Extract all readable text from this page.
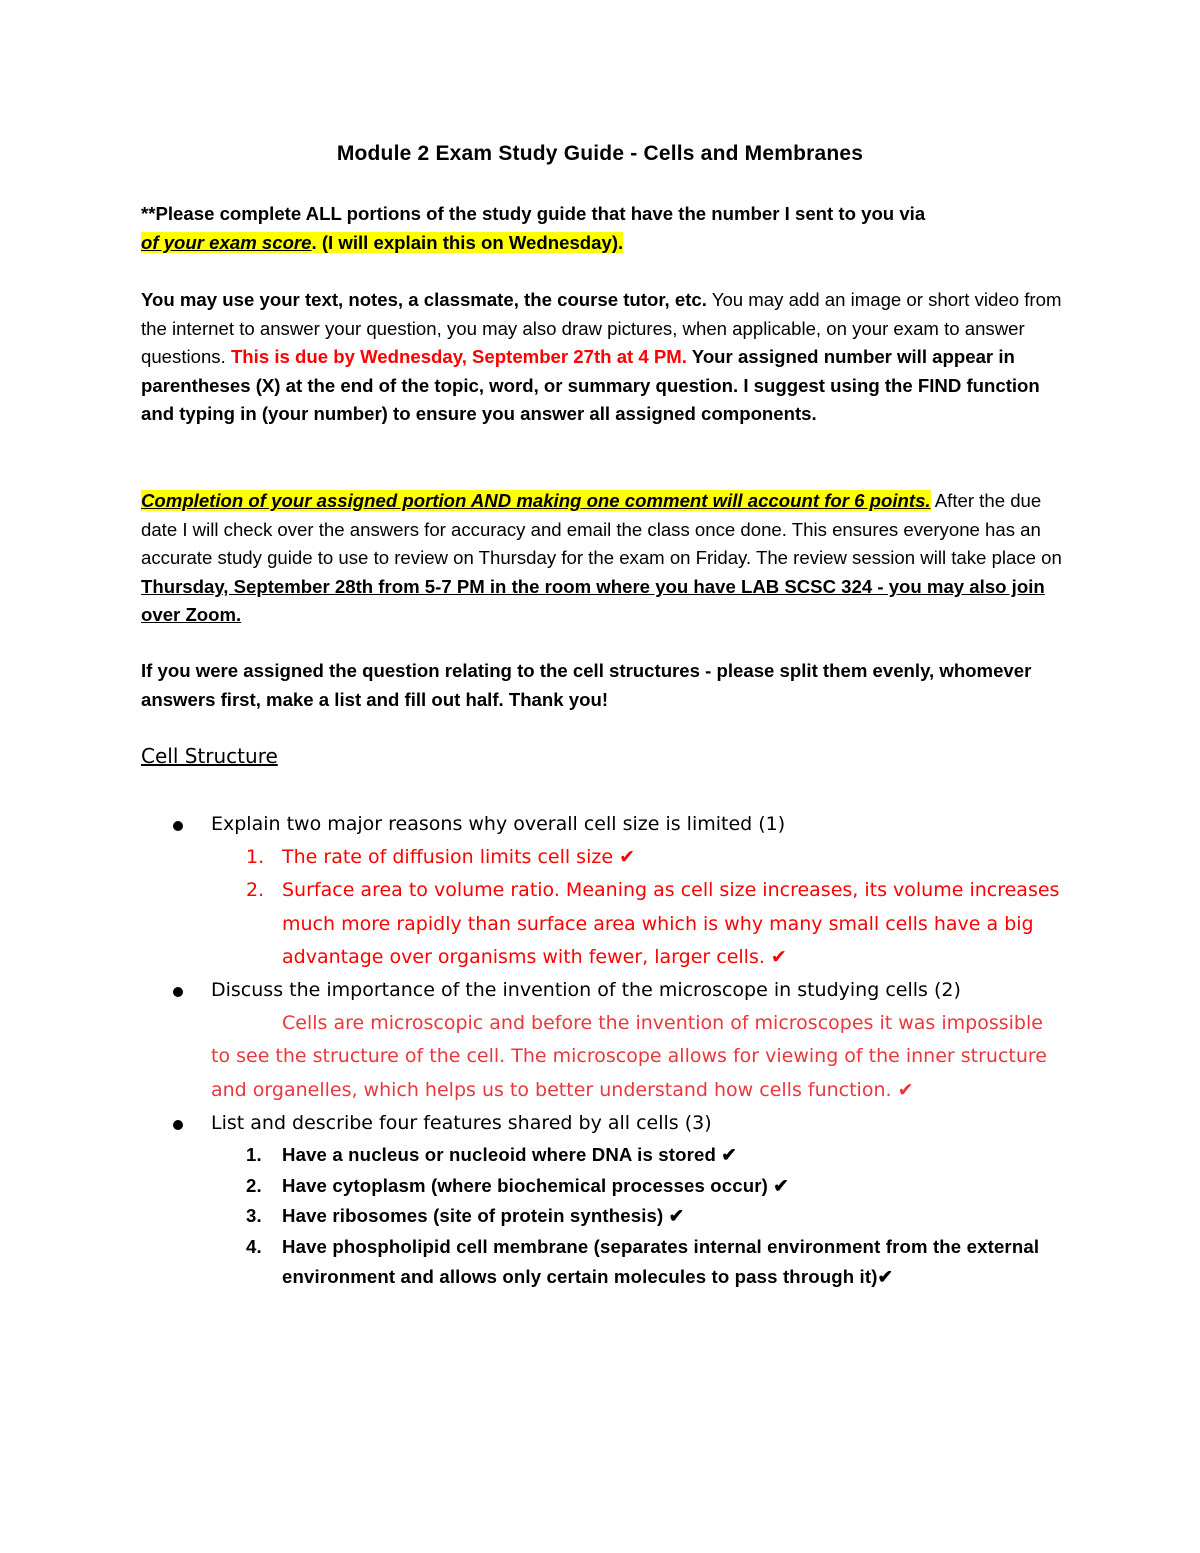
Module 2 Exam Study Guide - Cells and Membranes
**Please complete ALL portions of the study guide that have the number I sent to you via
of your exam score. (I will explain this on Wednesday).
You may use your text, notes, a classmate, the course tutor, etc. You may add an image or short video from the internet to answer your question, you may also draw pictures, when applicable, on your exam to answer questions. This is due by Wednesday, September 27th at 4 PM. Your assigned number will appear in parentheses (X) at the end of the topic, word, or summary question. I suggest using the FIND function and typing in (your number) to ensure you answer all assigned components.
Completion of your assigned portion AND making one comment will account for 6 points. After the due date I will check over the answers for accuracy and email the class once done. This ensures everyone has an accurate study guide to use to review on Thursday for the exam on Friday. The review session will take place on Thursday, September 28th from 5-7 PM in the room where you have LAB SCSC 324 - you may also join over Zoom.
If you were assigned the question relating to the cell structures - please split them evenly, whomever answers first, make a list and fill out half. Thank you!
Cell Structure
Explain two major reasons why overall cell size is limited (1)
1. The rate of diffusion limits cell size ✔
2. Surface area to volume ratio. Meaning as cell size increases, its volume increases much more rapidly than surface area which is why many small cells have a big advantage over organisms with fewer, larger cells. ✔
Discuss the importance of the invention of the microscope in studying cells (2)
Cells are microscopic and before the invention of microscopes it was impossible to see the structure of the cell. The microscope allows for viewing of the inner structure and organelles, which helps us to better understand how cells function. ✔
List and describe four features shared by all cells (3)
1. Have a nucleus or nucleoid where DNA is stored ✔
2. Have cytoplasm (where biochemical processes occur) ✔
3. Have ribosomes (site of protein synthesis) ✔
4. Have phospholipid cell membrane (separates internal environment from the external environment and allows only certain molecules to pass through it)✔
